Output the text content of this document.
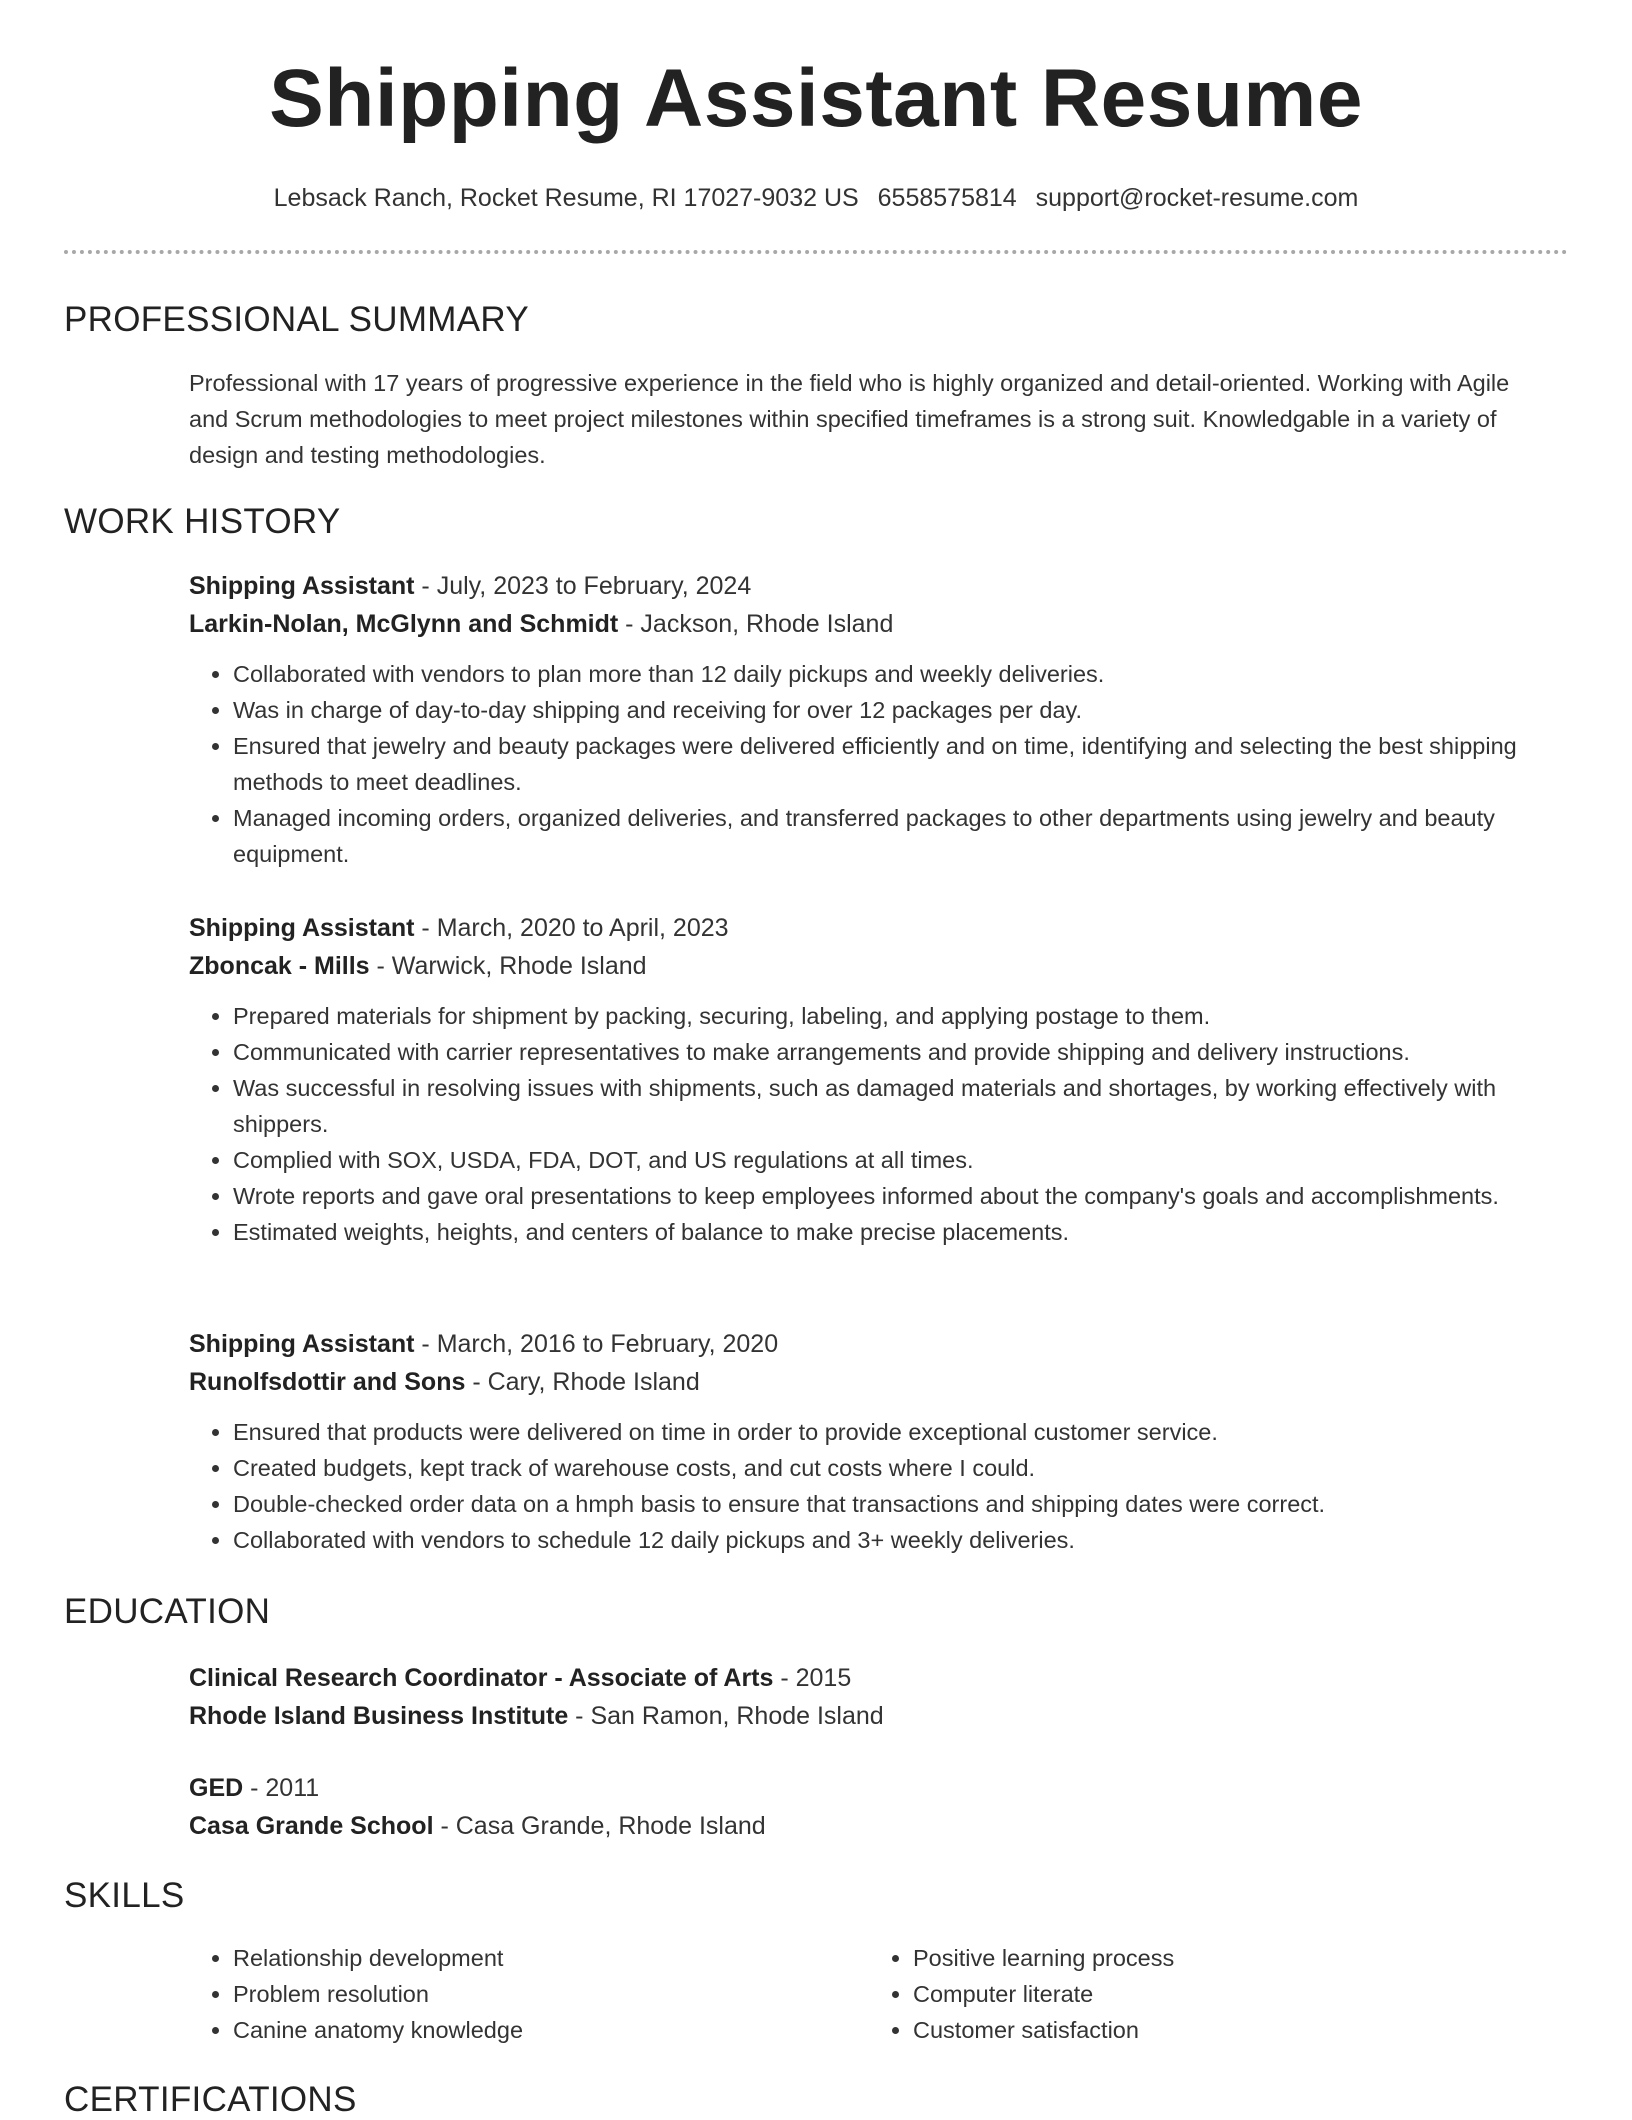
Shipping Assistant Resume
Lebsack Ranch, Rocket Resume, RI 17027-9032 US 6558575814 support@rocket-resume.com
PROFESSIONAL SUMMARY

Professional with 17 years of progressive experience in the field who is highly organized and detail-oriented. Working with Agile and Scrum methodologies to meet project milestones within specified timeframes is a strong suit. Knowledgable in a variety of design and testing methodologies.

WORK HISTORY
Shipping Assistant - July, 2023 to February, 2024
Larkin-Nolan, McGlynn and Schmidt - Jackson, Rhode Island
• Collaborated with vendors to plan more than 12 daily pickups and weekly deliveries.
• Was in charge of day-to-day shipping and receiving for over 12 packages per day.
• Ensured that jewelry and beauty packages were delivered efficiently and on time, identifying and selecting the best shipping methods to meet deadlines.
• Managed incoming orders, organized deliveries, and transferred packages to other departments using jewelry and beauty equipment.
Shipping Assistant - March, 2020 to April, 2023
Zboncak - Mills - Warwick, Rhode Island
• Prepared materials for shipment by packing, securing, labeling, and applying postage to them.
• Communicated with carrier representatives to make arrangements and provide shipping and delivery instructions.
• Was successful in resolving issues with shipments, such as damaged materials and shortages, by working effectively with shippers.
• Complied with SOX, USDA, FDA, DOT, and US regulations at all times.
• Wrote reports and gave oral presentations to keep employees informed about the company's goals and accomplishments.
• Estimated weights, heights, and centers of balance to make precise placements.
Shipping Assistant - March, 2016 to February, 2020
Runolfsdottir and Sons - Cary, Rhode Island
• Ensured that products were delivered on time in order to provide exceptional customer service.
• Created budgets, kept track of warehouse costs, and cut costs where I could.
• Double-checked order data on a hmph basis to ensure that transactions and shipping dates were correct.
• Collaborated with vendors to schedule 12 daily pickups and 3+ weekly deliveries.
EDUCATION
Clinical Research Coordinator - Associate of Arts - 2015
Rhode Island Business Institute - San Ramon, Rhode Island
GED - 2011
Casa Grande School - Casa Grande, Rhode Island
SKILLS
• Relationship development
• Problem resolution
• Canine anatomy knowledge
• Positive learning process
• Computer literate
• Customer satisfaction
CERTIFICATIONS
